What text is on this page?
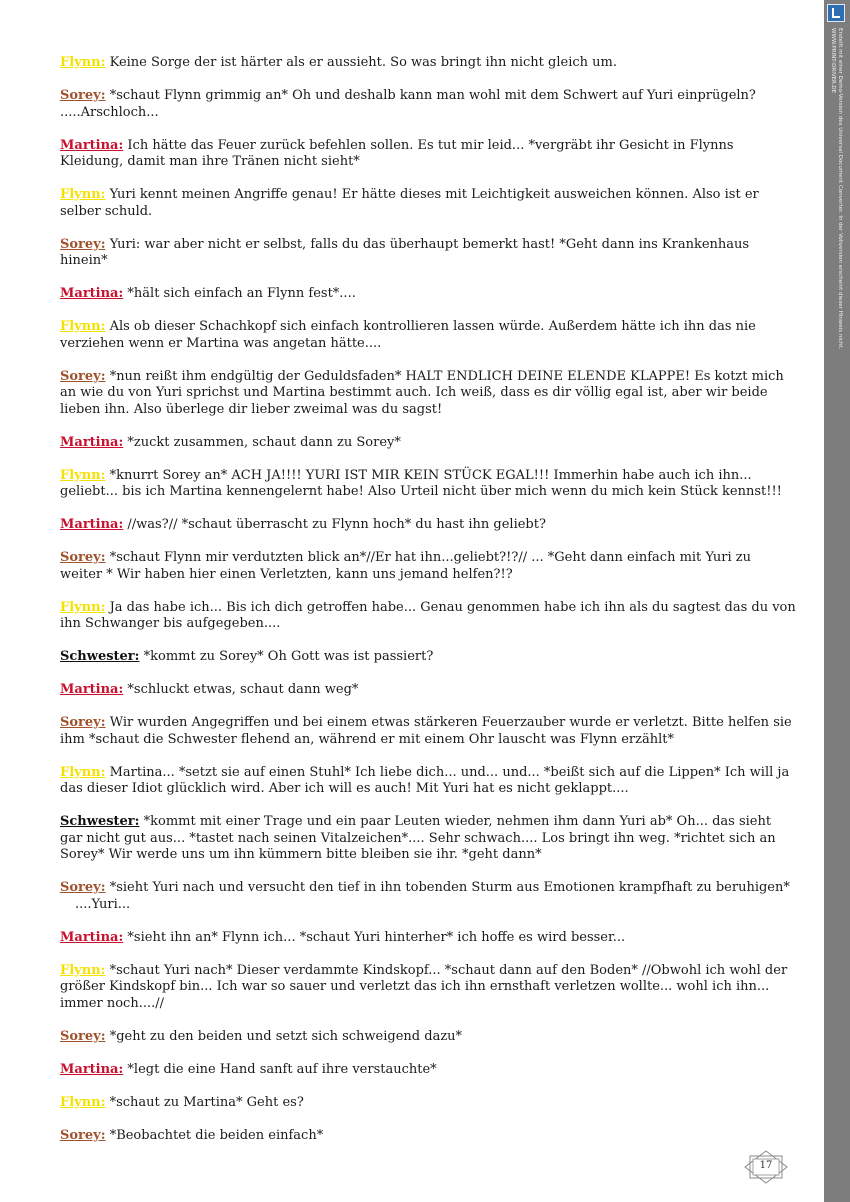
Flynn: Keine Sorge der ist härter als er aussieht. So was bringt ihn nicht gleich um.
Sorey: *schaut Flynn grimmig an* Oh und deshalb kann man wohl mit dem Schwert auf Yuri einprügeln? .....Arschloch...
Martina: Ich hätte das Feuer zurück befehlen sollen. Es tut mir leid... *vergräbt ihr Gesicht in Flynns Kleidung, damit man ihre Tränen nicht sieht*
Flynn: Yuri kennt meinen Angriffe genau! Er hätte dieses mit Leichtigkeit ausweichen können. Also ist er selber schuld.
Sorey: Yuri: war aber nicht er selbst, falls du das überhaupt bemerkt hast! *Geht dann ins Krankenhaus hinein*
Martina: *hält sich einfach an Flynn fest*....
Flynn: Als ob dieser Schachkopf sich einfach kontrollieren lassen würde. Außerdem hätte ich ihn das nie verziehen wenn er Martina was angetan hätte....
Sorey: *nun reißt ihm endgültig der Geduldsfaden* HALT ENDLICH DEINE ELENDE KLAPPE! Es kotzt mich an wie du von Yuri sprichst und Martina bestimmt auch. Ich weiß, dass es dir völlig egal ist, aber wir beide lieben ihn. Also überlege dir lieber zweimal was du sagst!
Martina: *zuckt zusammen, schaut dann zu Sorey*
Flynn: *knurrt Sorey an* ACH JA!!!! YURI IST MIR KEIN STÜCK EGAL!!! Immerhin habe auch ich ihn... geliebt... bis ich Martina kennengelernt habe! Also Urteil nicht über mich wenn du mich kein Stück kennst!!!
Martina: //was?// *schaut überrascht zu Flynn hoch* du hast ihn geliebt?
Sorey: *schaut Flynn mir verdutzten blick an*//Er hat ihn...geliebt?!?// ... *Geht dann einfach mit Yuri zu weiter * Wir haben hier einen Verletzten, kann uns jemand helfen?!?
Flynn: Ja das habe ich... Bis ich dich getroffen habe... Genau genommen habe ich ihn als du sagtest das du von ihn Schwanger bis aufgegeben....
Schwester: *kommt zu Sorey* Oh Gott was ist passiert?
Martina: *schluckt etwas, schaut dann weg*
Sorey: Wir wurden Angegriffen und bei einem etwas stärkeren Feuerzauber wurde er verletzt. Bitte helfen sie ihm *schaut die Schwester flehend an, während er mit einem Ohr lauscht was Flynn erzählt*
Flynn: Martina... *setzt sie auf einen Stuhl* Ich liebe dich... und... und... *beißt sich auf die Lippen* Ich will ja das dieser Idiot glücklich wird. Aber ich will es auch! Mit Yuri hat es nicht geklappt....
Schwester: *kommt mit einer Trage und ein paar Leuten wieder, nehmen ihm dann Yuri ab* Oh... das sieht gar nicht gut aus... *tastet nach seinen Vitalzeichen*.... Sehr schwach.... Los bringt ihn weg. *richtet sich an Sorey* Wir werde uns um ihn kümmern bitte bleiben sie ihr. *geht dann*
Sorey: *sieht Yuri nach und versucht den tief in ihn tobenden Sturm aus Emotionen krampfhaft zu beruhigen*
....Yuri...
Martina: *sieht ihn an* Flynn ich... *schaut Yuri hinterher* ich hoffe es wird besser...
Flynn: *schaut Yuri nach* Dieser verdammte Kindskopf... *schaut dann auf den Boden* //Obwohl ich wohl der größer Kindskopf bin... Ich war so sauer und verletzt das ich ihn ernsthaft verletzen wollte... wohl ich ihn... immer noch....//
Sorey: *geht zu den beiden und setzt sich schweigend dazu*
Martina: *legt die eine Hand sanft auf ihre verstauchte*
Flynn: *schaut zu Martina* Geht es?
Sorey: *Beobachtet die beiden einfach*
17
Erstellt mit einer Demo-Version des Universal Document Converter. In der Vollversion erscheint dieser Hinweis nicht.
WWW.PRINT-DRIVER.DE
